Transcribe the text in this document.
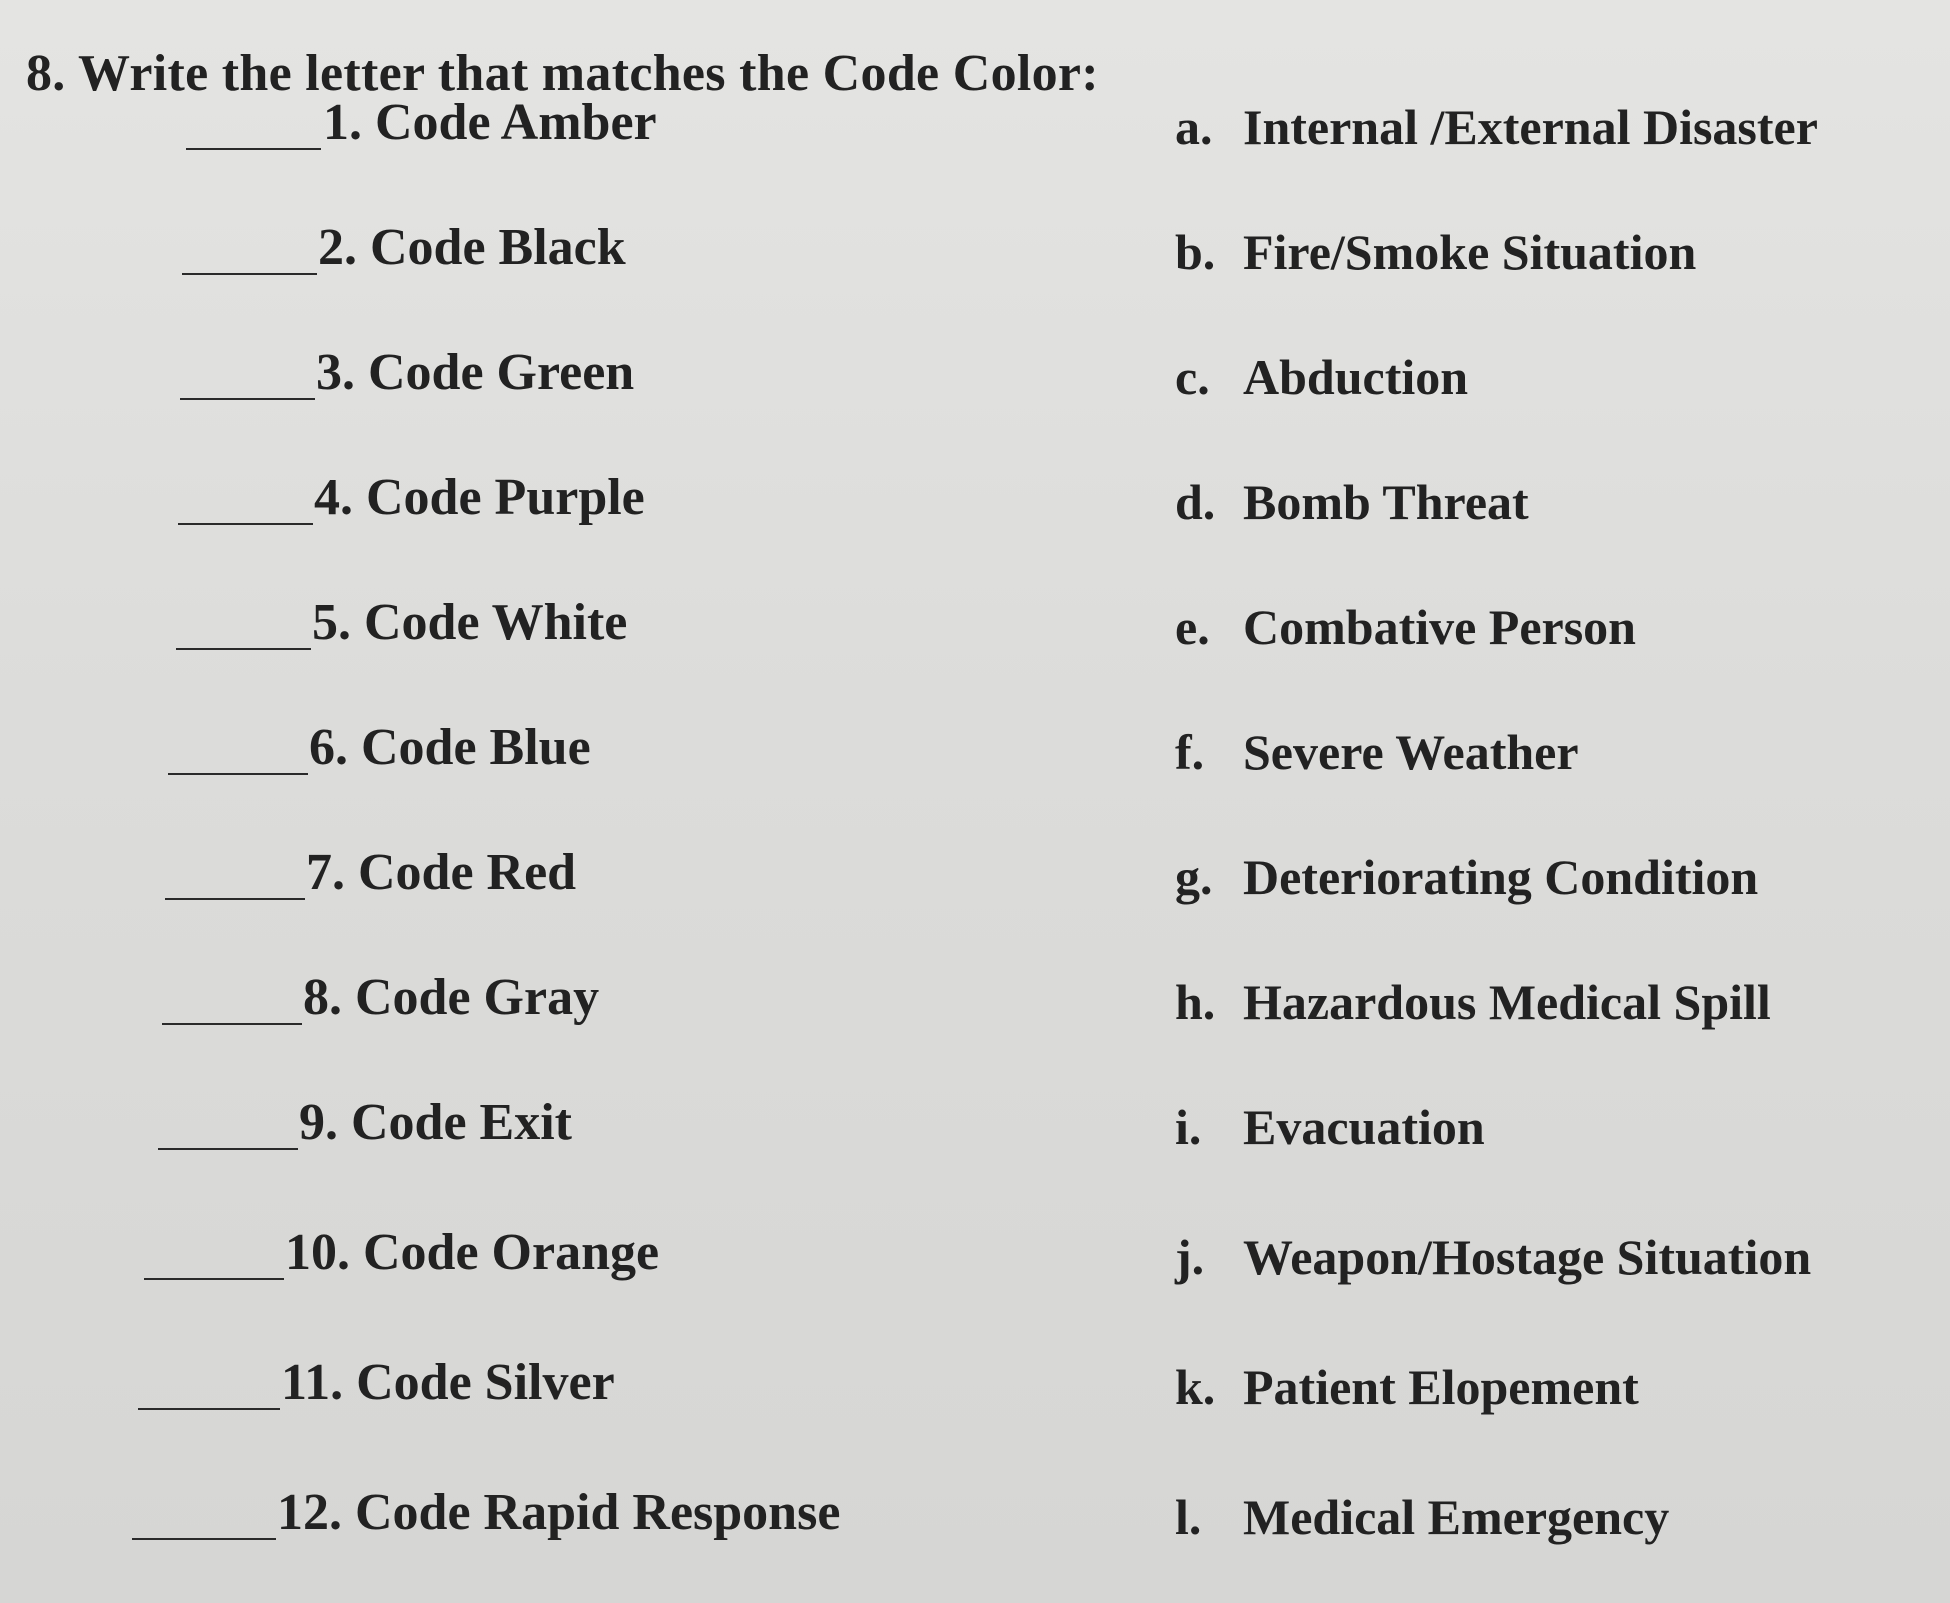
8. Write the letter that matches the Code Color:
1. Code Amber	a. Internal /External Disaster
2. Code Black	b. Fire/Smoke Situation
3. Code Green	c. Abduction
4. Code Purple	d. Bomb Threat
5. Code White	e. Combative Person
6. Code Blue	f. Severe Weather
7. Code Red	g. Deteriorating Condition
8. Code Gray	h. Hazardous Medical Spill
9. Code Exit	i. Evacuation
10. Code Orange	j. Weapon/Hostage Situation
11. Code Silver	k. Patient Elopement
12. Code Rapid Response	l. Medical Emergency
